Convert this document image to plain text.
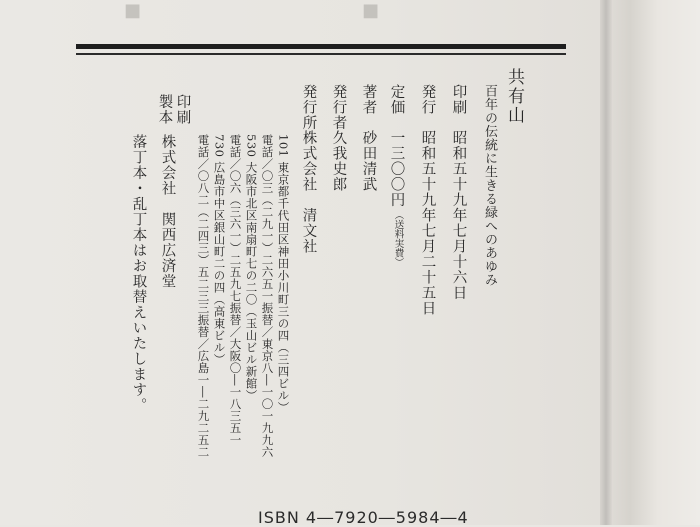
■	■
共有山
百年の伝統に生きる緑へのあゆみ
印刷
昭和五十九年七月十六日
発行
昭和五十九年七月二十五日
定価
一三〇〇円
（送料実費）
著者
砂田清武
発行者
久我史郎
発行所
株式会社　清文社
101 東京都千代田区神田小川町三の四（三四ビル）
電話／〇三（二九一）二六五一振替／東京八―一〇一九九六
530 大阪市北区南扇町七の二〇（玉山ビル新館）
電話／〇六（三六一）二五九七振替／大阪〇―一八三五一
730 広島市中区銀山町二の四（高東ビル）
電話／〇八二（二四三）五二三三振替／広島一―二九二五二
印刷
製本
株式会社　関西広済堂
落丁本・乱丁本はお取替えいたします。
ISBN 4―7920―5984―4
